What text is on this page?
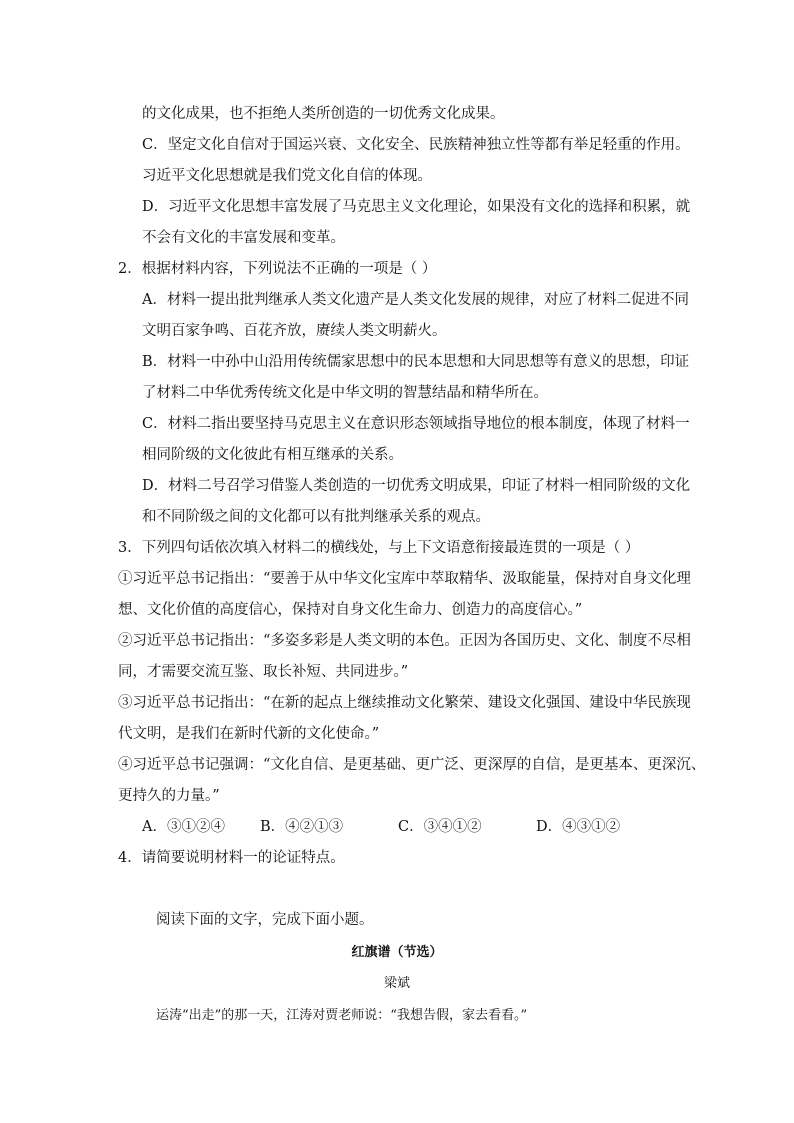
的文化成果，也不拒绝人类所创造的一切优秀文化成果。
C．坚定文化自信对于国运兴衰、文化安全、民族精神独立性等都有举足轻重的作用。
习近平文化思想就是我们党文化自信的体现。
D．习近平文化思想丰富发展了马克思主义文化理论，如果没有文化的选择和积累，就
不会有文化的丰富发展和变革。
2．根据材料内容，下列说法不正确的一项是（ ）
A．材料一提出批判继承人类文化遗产是人类文化发展的规律，对应了材料二促进不同
文明百家争鸣、百花齐放，赓续人类文明薪火。
B．材料一中孙中山沿用传统儒家思想中的民本思想和大同思想等有意义的思想，印证
了材料二中华优秀传统文化是中华文明的智慧结晶和精华所在。
C．材料二指出要坚持马克思主义在意识形态领域指导地位的根本制度，体现了材料一
相同阶级的文化彼此有相互继承的关系。
D．材料二号召学习借鉴人类创造的一切优秀文明成果，印证了材料一相同阶级的文化
和不同阶级之间的文化都可以有批判继承关系的观点。
3．下列四句话依次填入材料二的横线处，与上下文语意衔接最连贯的一项是（ ）
①习近平总书记指出：“要善于从中华文化宝库中萃取精华、汲取能量，保持对自身文化理
想、文化价值的高度信心，保持对自身文化生命力、创造力的高度信心。”
②习近平总书记指出：“多姿多彩是人类文明的本色。正因为各国历史、文化、制度不尽相
同，才需要交流互鉴、取长补短、共同进步。”
③习近平总书记指出：“在新的起点上继续推动文化繁荣、建设文化强国、建设中华民族现
代文明，是我们在新时代新的文化使命。”
④习近平总书记强调：“文化自信、是更基础、更广泛、更深厚的自信，是更基本、更深沉、
更持久的力量。”
A．③①②④ B．④②①③	C．③④①②	D．④③①②
4．请简要说明材料一的论证特点。
阅读下面的文字，完成下面小题。
红旗谱（节选）
梁斌
运涛“出走”的那一天，江涛对贾老师说：“我想告假，家去看看。”
